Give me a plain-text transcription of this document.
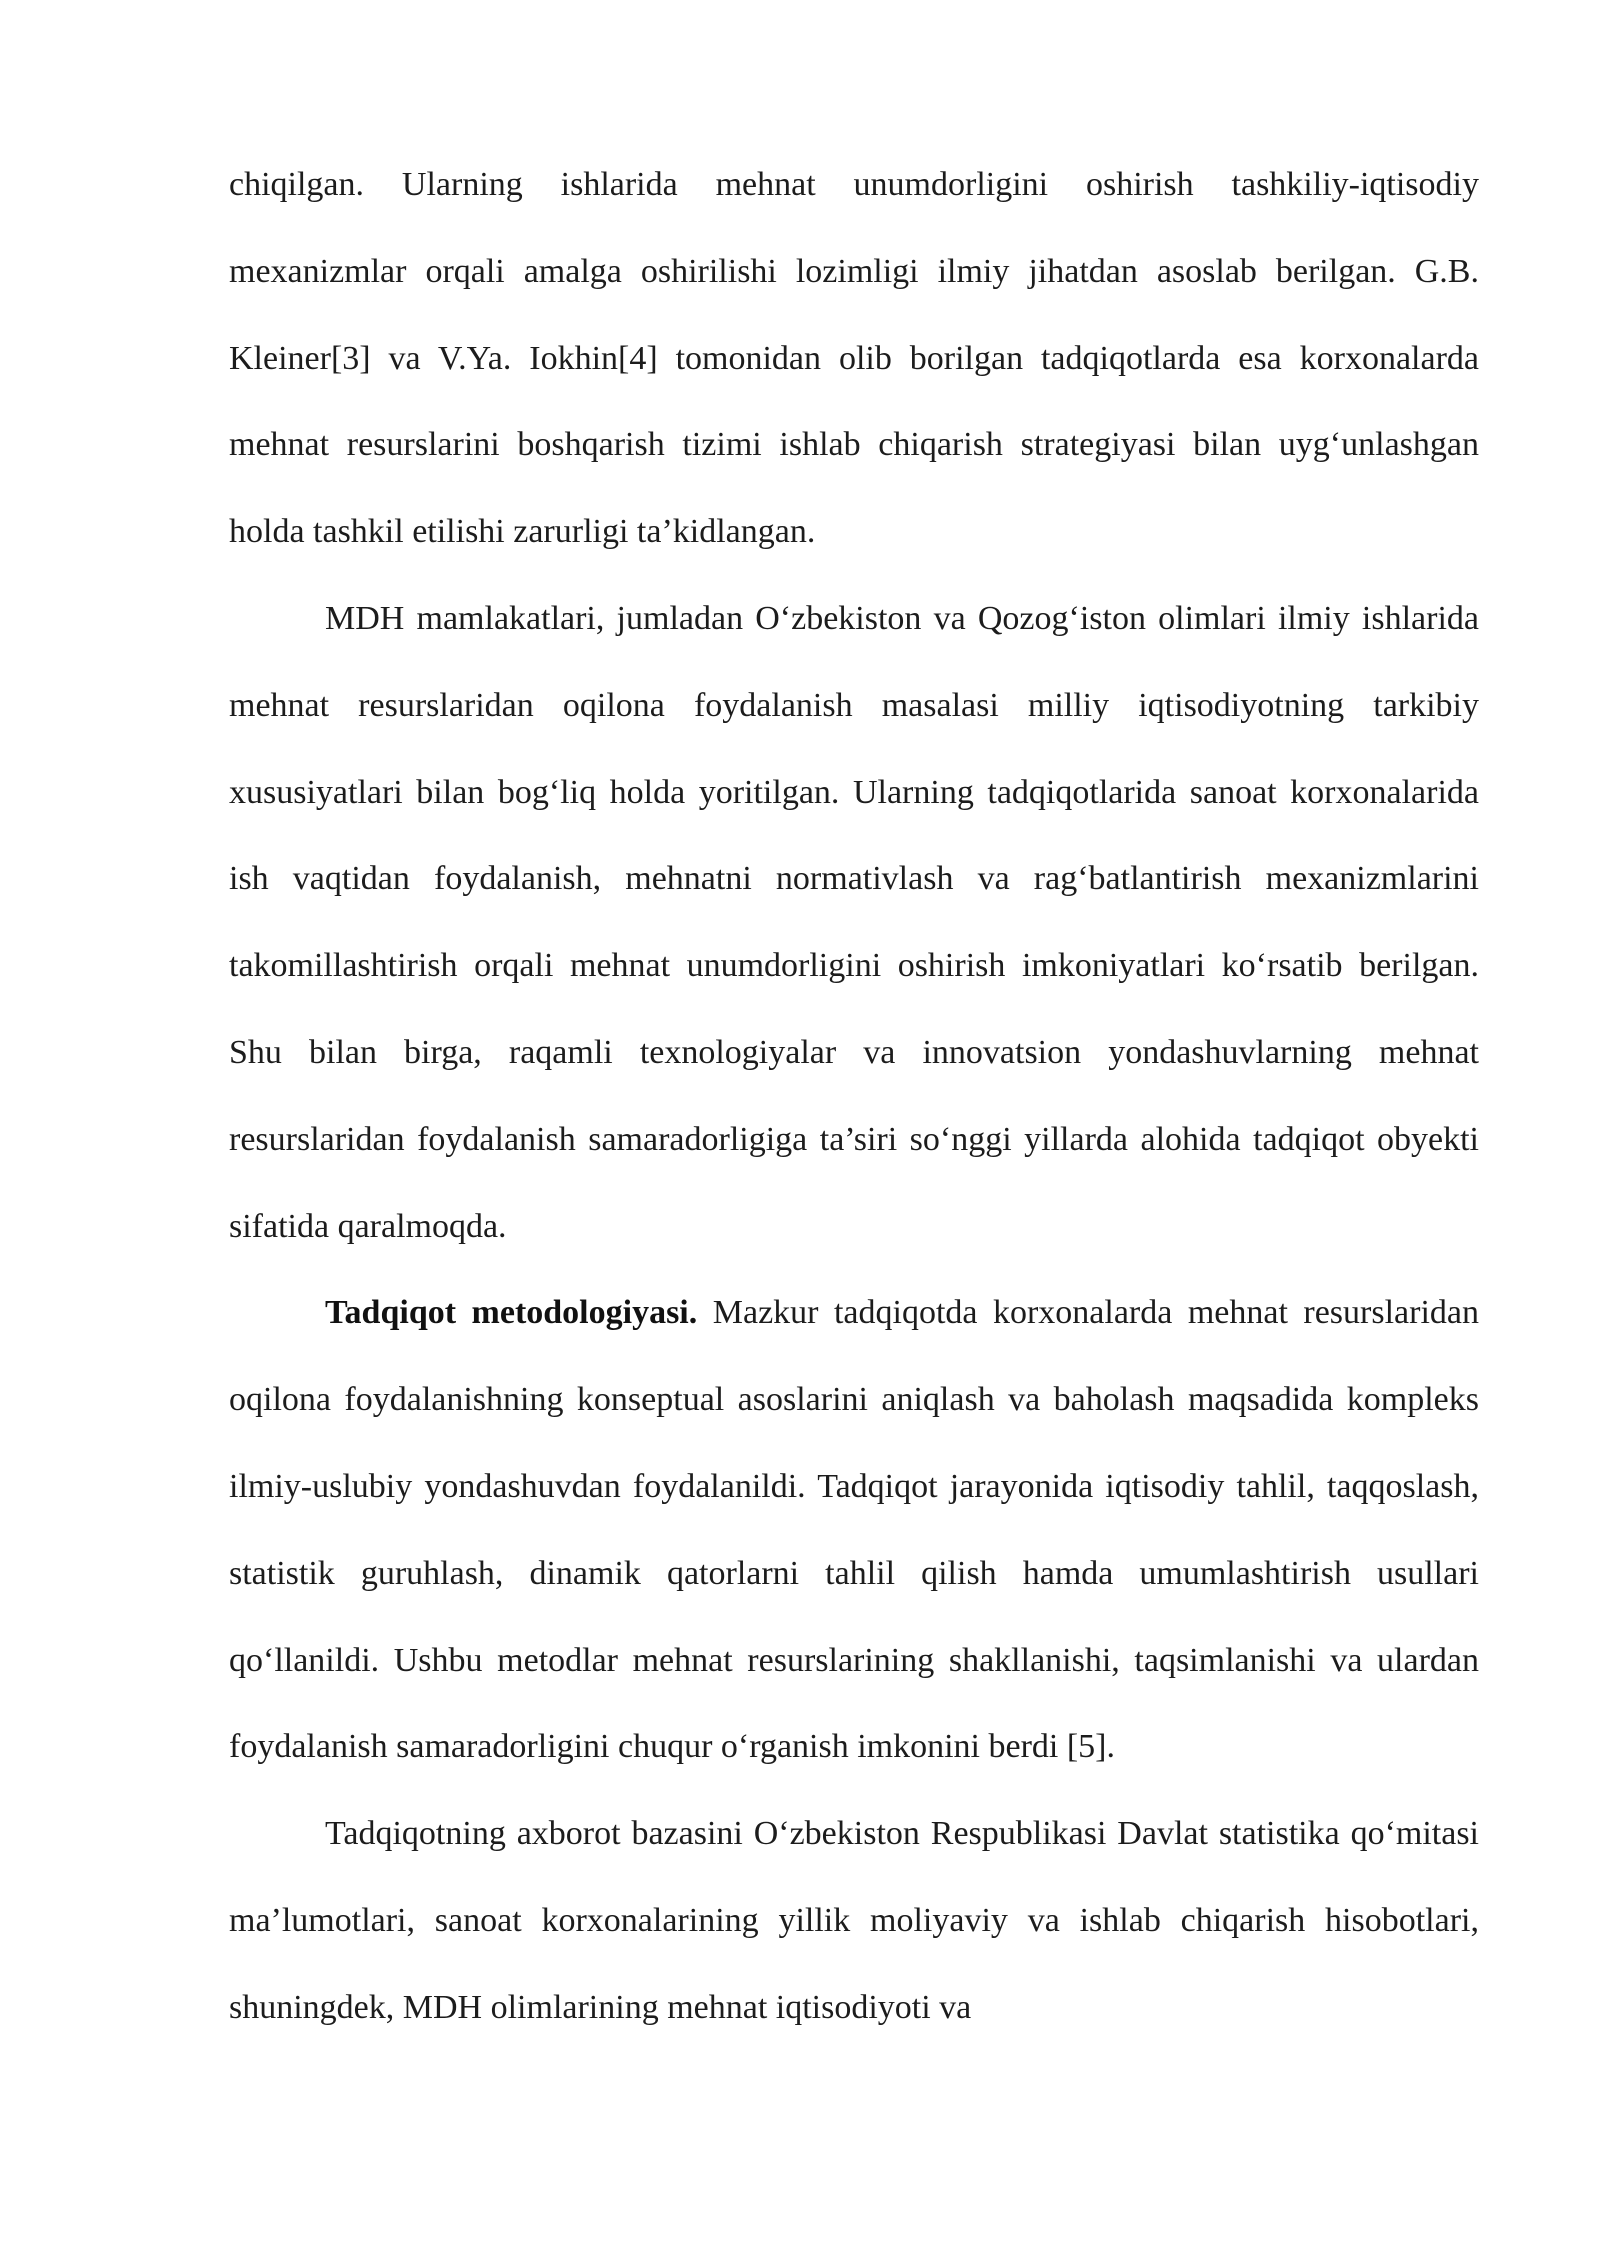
chiqilgan. Ularning ishlarida mehnat unumdorligini oshirish tashkiliy-iqtisodiy mexanizmlar orqali amalga oshirilishi lozimligi ilmiy jihatdan asoslab berilgan. G.B. Kleiner[3] va V.Ya. Iokhin[4] tomonidan olib borilgan tadqiqotlarda esa korxonalarda mehnat resurslarini boshqarish tizimi ishlab chiqarish strategiyasi bilan uyg‘unlashgan holda tashkil etilishi zarurligi ta’kidlangan.

MDH mamlakatlari, jumladan O‘zbekiston va Qozog‘iston olimlari ilmiy ishlarida mehnat resurslaridan oqilona foydalanish masalasi milliy iqtisodiyotning tarkibiy xususiyatlari bilan bog‘liq holda yoritilgan. Ularning tadqiqotlarida sanoat korxonalarida ish vaqtidan foydalanish, mehnatni normativlash va rag‘batlantirish mexanizmlarini takomillashtirish orqali mehnat unumdorligini oshirish imkoniyatlari ko‘rsatib berilgan. Shu bilan birga, raqamli texnologiyalar va innovatsion yondashuvlarning mehnat resurslaridan foydalanish samaradorligiga ta’siri so‘nggi yillarda alohida tadqiqot obyekti sifatida qaralmoqda.

Tadqiqot metodologiyasi. Mazkur tadqiqotda korxonalarda mehnat resurslaridan oqilona foydalanishning konseptual asoslarini aniqlash va baholash maqsadida kompleks ilmiy-uslubiy yondashuvdan foydalanildi. Tadqiqot jarayonida iqtisodiy tahlil, taqqoslash, statistik guruhlash, dinamik qatorlarni tahlil qilish hamda umumlashtirish usullari qo‘llanildi. Ushbu metodlar mehnat resurslarining shakllanishi, taqsimlanishi va ulardan foydalanish samaradorligini chuqur o‘rganish imkonini berdi [5].

Tadqiqotning axborot bazasini O‘zbekiston Respublikasi Davlat statistika qo‘mitasi ma’lumotlari, sanoat korxonalarining yillik moliyaviy va ishlab chiqarish hisobotlari, shuningdek, MDH olimlarining mehnat iqtisodiyoti va
